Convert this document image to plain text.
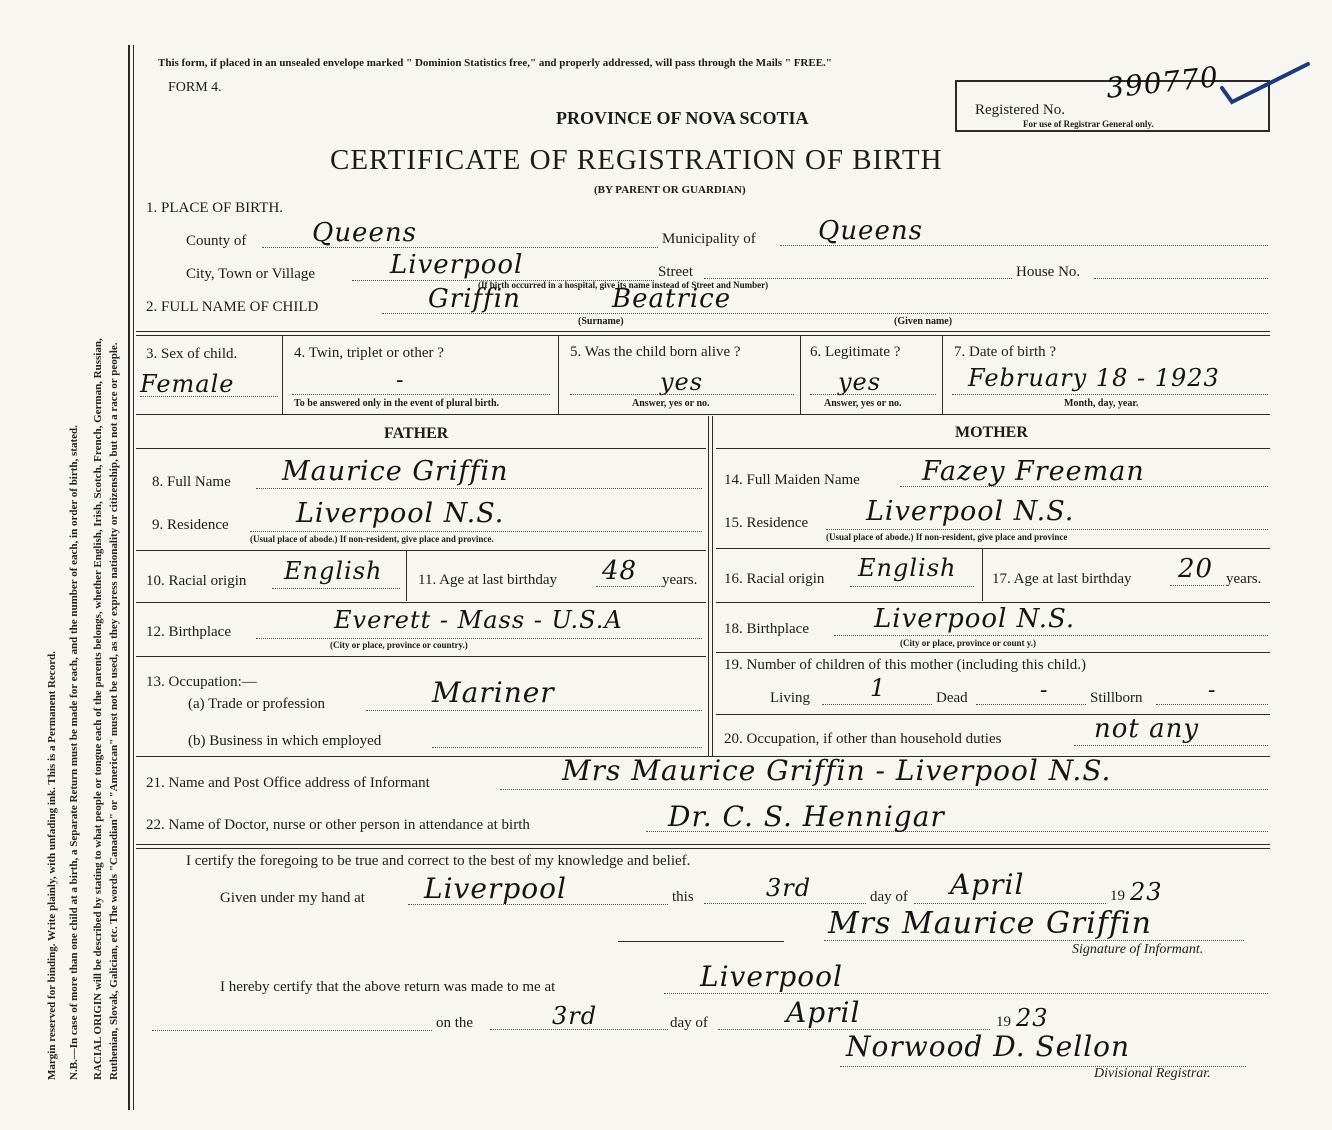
Margin reserved for binding. Write plainly, with unfading ink. This is a Permanent Record. N.B.—In case of more than one child at a birth, a Separate Return must be made for each, and the number of each, in order of birth, stated. RACIAL ORIGIN will be described by stating to what people or tongue each of the parents belongs, whether English, Irish, Scotch, French, German, Russian, Ruthenian, Slovak, Galician, etc. The words "Canadian" or "American" must not be used, as they express nationality or citizenship, but not a race or people.
This form, if placed in an unsealed envelope marked " Dominion Statistics free," and properly addressed, will pass through the Mails " FREE."
FORM 4.
PROVINCE OF NOVA SCOTIA
CERTIFICATE OF REGISTRATION OF BIRTH
(BY PARENT OR GUARDIAN)
Registered No.
For use of Registrar General only.
390770
1. PLACE OF BIRTH.
County of	Queens	Municipality of Queens
City, Town or Village	Liverpool	Street	House No.
(If birth occurred in a hospital, give its name instead of Street and Number)
2. FULL NAME OF CHILD	Griffin	Beatrice
(Surname)	(Given name)
3. Sex of child.
Female
4. Twin, triplet or other ?
-
To be answered only in the event of plural birth.
5. Was the child born alive ?
yes
Answer, yes or no.
6. Legitimate ?
yes
Answer, yes or no.
7. Date of birth ?
February 18 - 1923
Month, day, year.
FATHER	MOTHER
8. Full Name Maurice Griffin
9. Residence Liverpool N.S.
(Usual place of abode.) If non-resident, give place and province.
10. Racial origin English 11. Age at last birthday 48 years.
12. Birthplace	Everett - Mass - U.S.A
(City or place, province or country.)
13. Occupation:—
(a) Trade or profession	Mariner
(b) Business in which employed
14. Full Maiden Name Fazey Freeman
15. Residence Liverpool N.S.
(Usual place of abode.) If non-resident, give place and province
16. Racial origin English 17. Age at last birthday 20 years.
18. Birthplace	Liverpool N.S.
(City or place, province or count y.)
19. Number of children of this mother (including this child.)
Living	1	Dead	-	Stillborn	-
20. Occupation, if other than household duties	not any
21. Name and Post Office address of Informant	Mrs Maurice Griffin - Liverpool N.S.
22. Name of Doctor, nurse or other person in attendance at birth	Dr. C. S. Hennigar
I certify the foregoing to be true and correct to the best of my knowledge and belief.
Given under my hand at Liverpool	this	3rd	day of April	19 23
Mrs Maurice Griffin
Signature of Informant.
I hereby certify that the above return was made to me at	Liverpool
on the	3rd	day of	April	19 23
Norwood D. Sellon
Divisional Registrar.
